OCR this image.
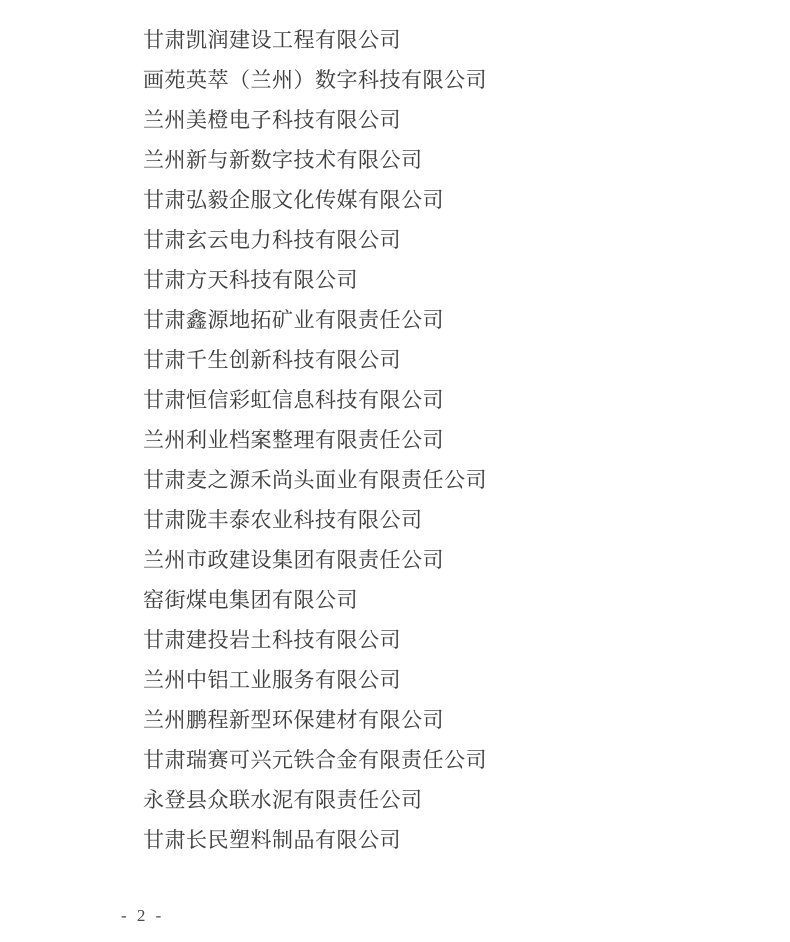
甘肃凯润建设工程有限公司
画苑英萃（兰州）数字科技有限公司
兰州美橙电子科技有限公司
兰州新与新数字技术有限公司
甘肃弘毅企服文化传媒有限公司
甘肃玄云电力科技有限公司
甘肃方天科技有限公司
甘肃鑫源地拓矿业有限责任公司
甘肃千生创新科技有限公司
甘肃恒信彩虹信息科技有限公司
兰州利业档案整理有限责任公司
甘肃麦之源禾尚头面业有限责任公司
甘肃陇丰泰农业科技有限公司
兰州市政建设集团有限责任公司
窑街煤电集团有限公司
甘肃建投岩土科技有限公司
兰州中铝工业服务有限公司
兰州鹏程新型环保建材有限公司
甘肃瑞赛可兴元铁合金有限责任公司
永登县众联水泥有限责任公司
甘肃长民塑料制品有限公司
- 2 -
